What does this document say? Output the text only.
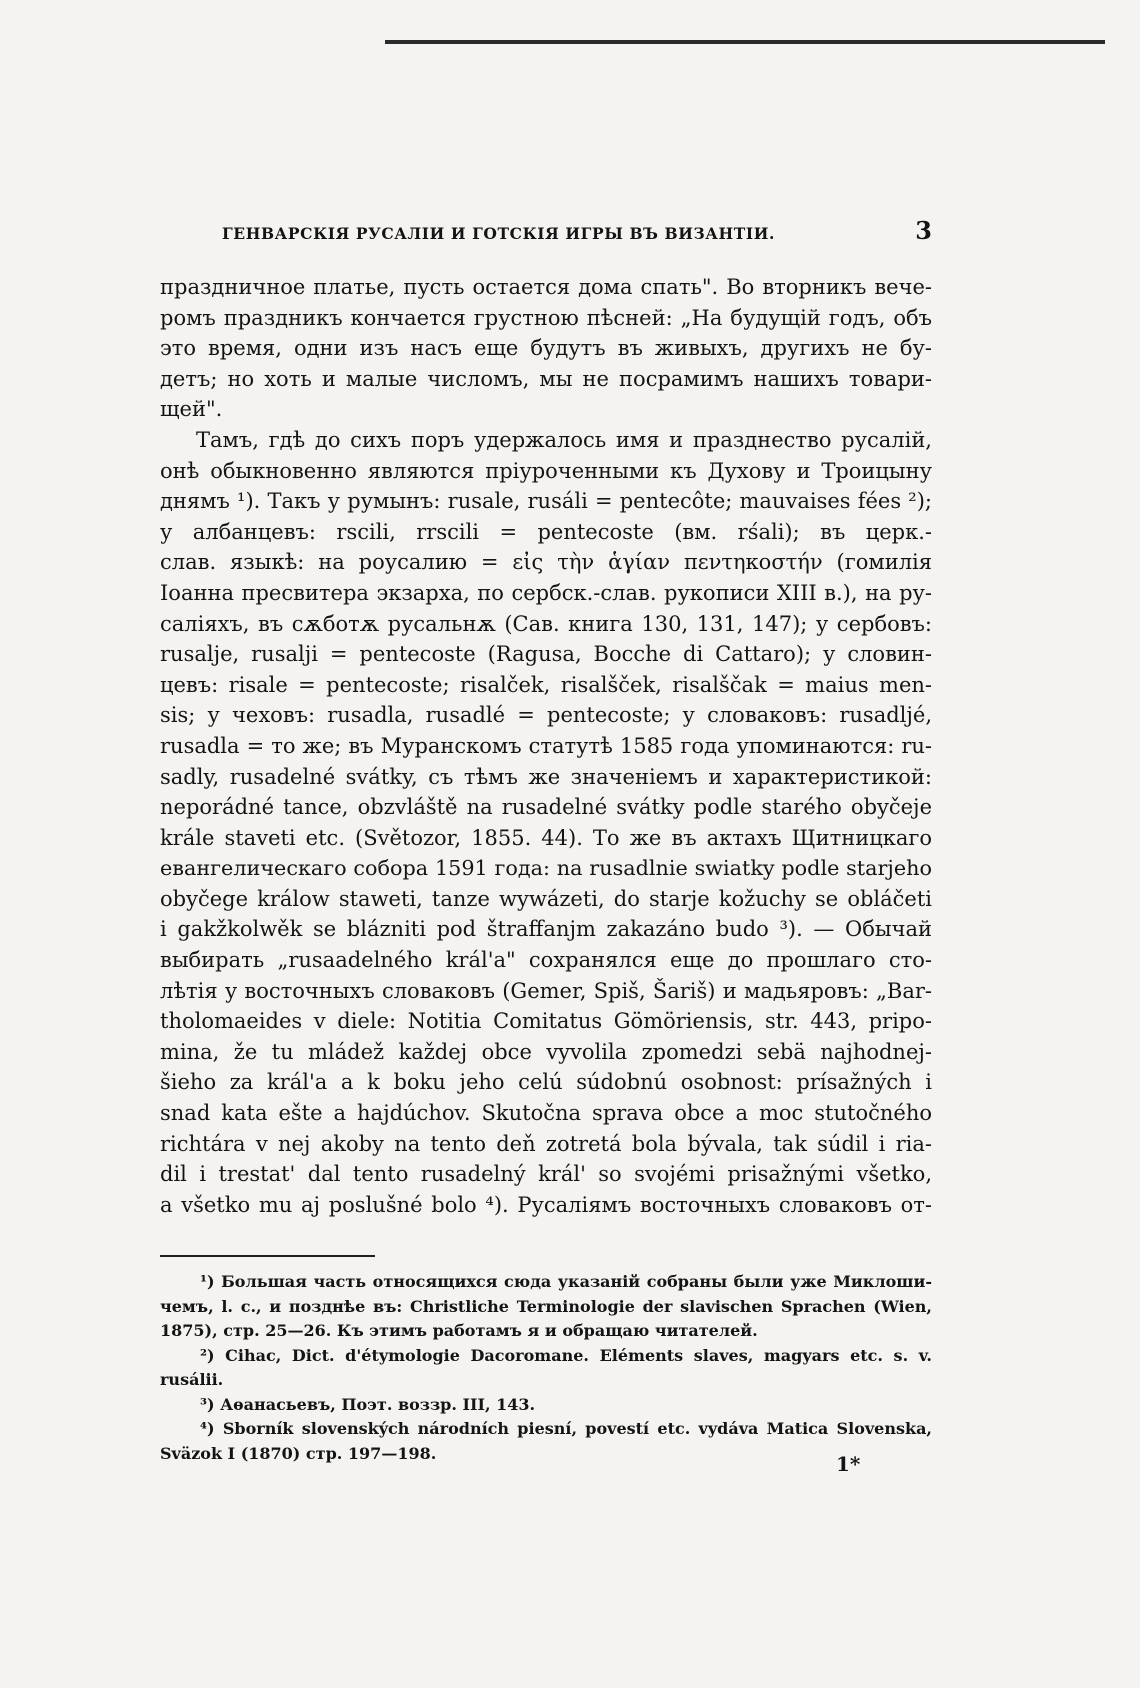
ГЕНВАРСКІЯ РУСАЛІИ И ГОТСКІЯ ИГРЫ ВЪ ВИЗАНТІИ.	3
праздничное платье, пусть остается дома спать". Во вторникъ вече-
ромъ праздникъ кончается грустною пѣсней: „На будущій годъ, объ
это время, одни изъ насъ еще будутъ въ живыхъ, другихъ не бу-
детъ; но хоть и малые числомъ, мы не посрамимъ нашихъ товари-
щей".
Тамъ, гдѣ до сихъ поръ удержалось имя и празднество русалій,
онѣ обыкновенно являются пріуроченными къ Духову и Троицыну
днямъ ¹). Такъ у румынъ: rusale, rusáli = pentecôte; mauvaises fées ²);
у албанцевъ: rscili, rrscili = pentecoste (вм. rśali); въ церк.-
слав. языкѣ: на роусалию = εἰς τὴν ἁγίαν πεντηκοστήν (гомилія
Іоанна пресвитера экзарха, по сербск.-слав. рукописи XIII в.), на ру-
саліяхъ, въ сѫботѫ русальнѫ (Сав. книга 130, 131, 147); у сербовъ:
rusalje, rusalji = pentecoste (Ragusa, Bocche di Cattaro); у словин-
цевъ: risale = pentecoste; risalček, risalšček, risalščak = maius men-
sis; у чеховъ: rusadla, rusadlé = pentecoste; у словаковъ: rusadljé,
rusadla = то же; въ Муранскомъ статутѣ 1585 года упоминаются: ru-
sadly, rusadelné svátky, съ тѣмъ же значеніемъ и характеристикой:
neporádné tance, obzvláště na rusadelné svátky podle starého obyčeje
krále staveti etc. (Světozor, 1855. 44). То же въ актахъ Щитницкаго
евангелическаго собора 1591 года: na rusadlnie swiatky podle starjeho
obyčege králow staweti, tanze wywázeti, do starje kožuchy se obláčeti
i gakžkolwěk se bláznitі pod štraffanjm zakazáno budo ³). — Обычай
выбирать „rusaadelného král'a" сохранялся еще до прошлаго сто-
лѣтія у восточныхъ словаковъ (Gemer, Spiš, Šariš) и мадьяровъ: „Bar-
tholomaeides v diele: Notitia Comitatus Gömöriensis, str. 443, pripo-
mina, že tu mládež každej obce vyvolila zpomedzi sebä najhodnej-
šieho za král'a a k boku jeho celú súdobnú osobnost: prísažných i
snad kata ešte a hajdúchov. Skutočna sprava obce a moc stutočného
richtára v nej akoby na tento deň zotretá bola bývala, tak súdil i ria-
dil i trestat' dal tento rusadelný král' so svojémi prisažnými všetko,
a všetko mu aj poslušné bolo ⁴). Русаліямъ восточныхъ словаковъ от-
¹) Большая часть относящихся сюда указаній собраны были уже Миклоши-
чемъ, l. c., и позднѣе въ: Christliche Terminologie der slavischen Sprachen (Wien,
1875), стр. 25—26. Къ этимъ работамъ я и обращаю читателей.
²) Cihac, Dict. d'étymologie Dacoromane. Eléments slaves, magyars etc. s. v.
rusálii.
³) Аѳанасьевъ, Поэт. воззр. III, 143.
⁴) Sborník slovenských národních piesní, povestí etc. vydáva Matica Slovenska,
Sväzok I (1870) стр. 197—198.	1*
